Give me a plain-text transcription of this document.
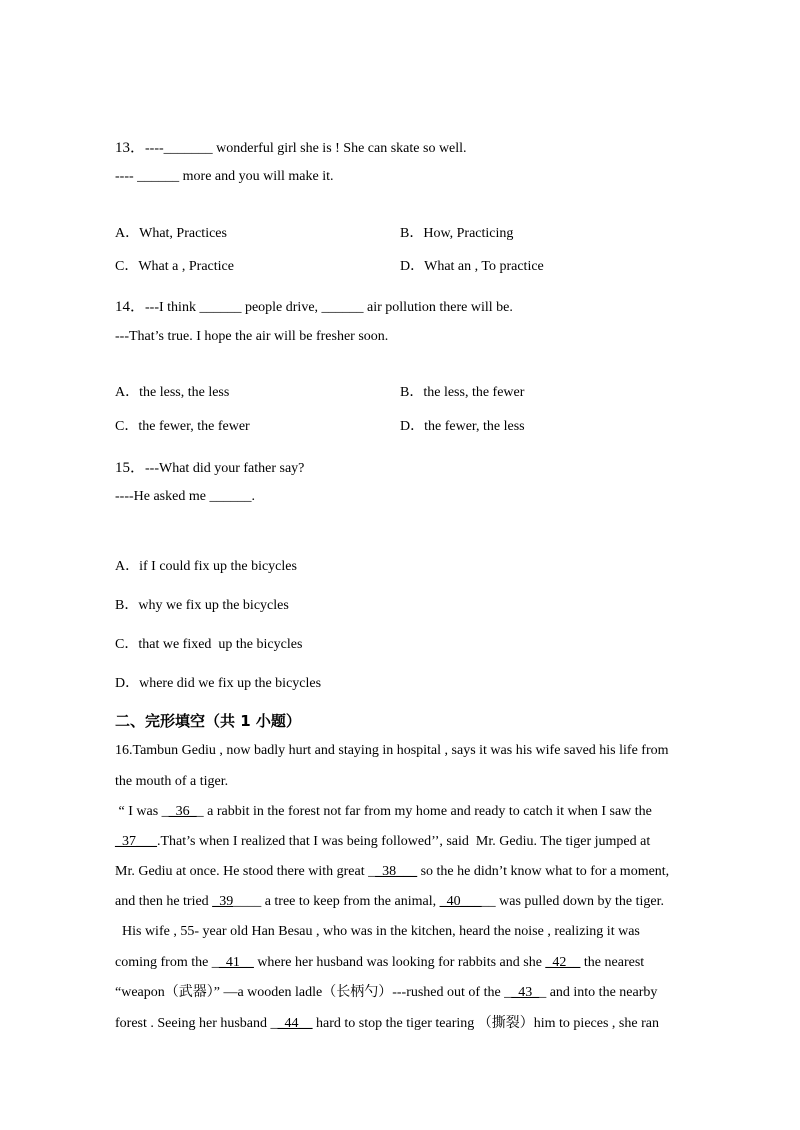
13．----_______ wonderful girl she is ! She can skate so well.
---- ______ more and you will make it.
A．What, Practices	B．How, Practicing
C．What a , Practice	D．What an , To practice
14．---I think ______ people drive, ______ air pollution there will be.
---That’s true. I hope the air will be fresher soon.
A．the less, the less	B．the less, the fewer
C．the fewer, the fewer	D．the fewer, the less
15．---What did your father say?
----He asked me ______.
A．if I could fix up the bicycles
B．why we fix up the bicycles
C．that we fixed  up the bicycles
D．where did we fix up the bicycles
二、完形填空（共 1 小题）
16.Tambun Gediu , now badly hurt and staying in hospital , says it was his wife saved his life from
the mouth of a tiger.
“ I was __36__ a rabbit in the forest not far from my home and ready to catch it when I saw the
_37___.That’s when I realized that I was being followed’’, said  Mr. Gediu. The tiger jumped at
Mr. Gediu at once. He stood there with great __38___ so the he didn’t know what to for a moment,
and then he tried _39____ a tree to keep from the animal, _40_____ was pulled down by the tiger.
His wife , 55- year old Han Besau , who was in the kitchen, heard the noise , realizing it was
coming from the __41__ where her husband was looking for rabbits and she _42__ the nearest
“weapon（武器）” —a wooden ladle（长柄勺）---rushed out of the __43__ and into the nearby
forest . Seeing her husband __44__ hard to stop the tiger tearing （撕裂）him to pieces , she ran
